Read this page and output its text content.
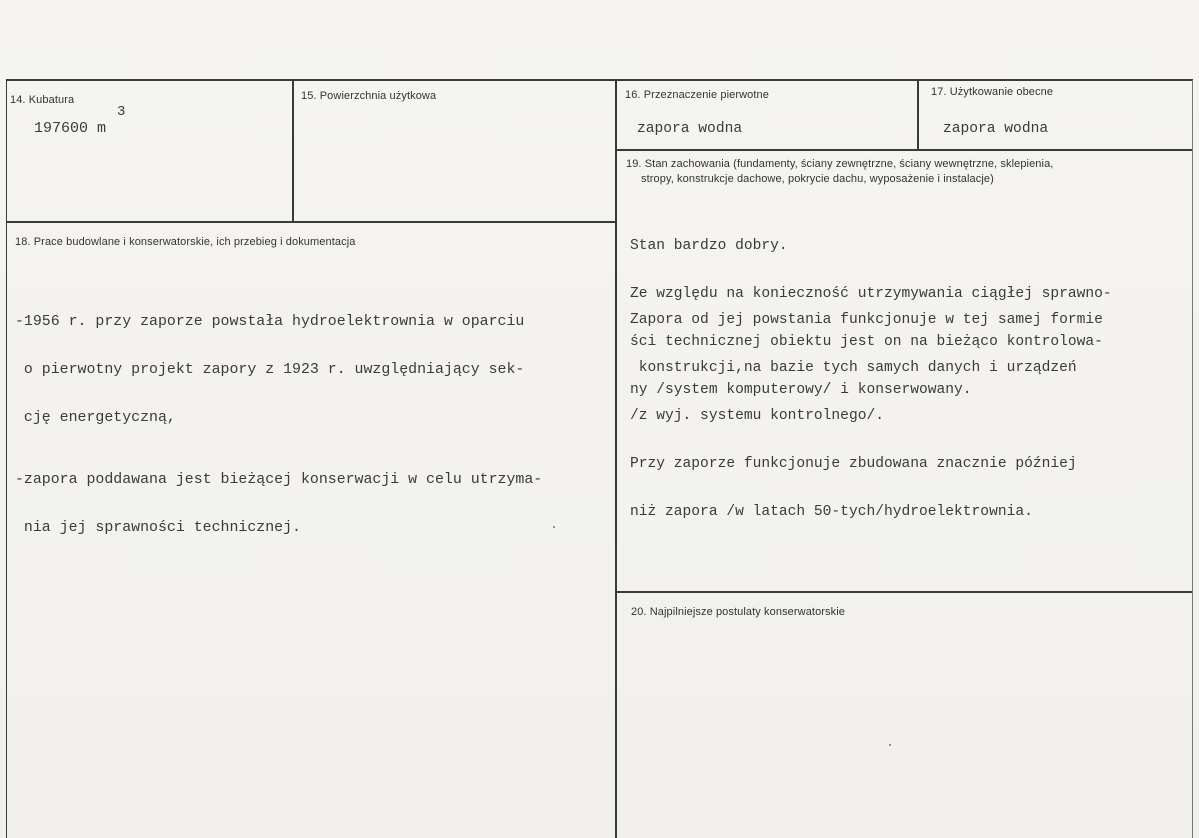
14. Kubatura
197600 m
3
15. Powierzchnia użytkowa	16. Przeznaczenie pierwotne
zapora wodna
17. Użytkowanie obecne
zapora wodna
18. Prace budowlane i konserwatorskie, ich przebieg i dokumentacja

-1956 r. przy zaporze powstała hydroelektrownia w oparciu

o pierwotny projekt zapory z 1923 r. uwzględniający sek-

cję energetyczną,

-zapora poddawana jest bieżącej konserwacji w celu utrzyma-

nia jej sprawności technicznej.

19. Stan zachowania (fundamenty, ściany zewnętrzne, ściany wewnętrzne, sklepienia,
stropy, konstrukcje dachowe, pokrycie dachu, wyposażenie i instalacje)

Stan bardzo dobry.

Ze względu na konieczność utrzymywania ciągłej sprawno-

ści technicznej obiektu jest on na bieżąco kontrolowa-

ny /system komputerowy/ i konserwowany.

Zapora od jej powstania funkcjonuje w tej samej formie

konstrukcji,na bazie tych samych danych i urządzeń

/z wyj. systemu kontrolnego/.

Przy zaporze funkcjonuje zbudowana znacznie później

niż zapora /w latach 50-tych/hydroelektrownia.

20. Najpilniejsze postulaty konserwatorskie
